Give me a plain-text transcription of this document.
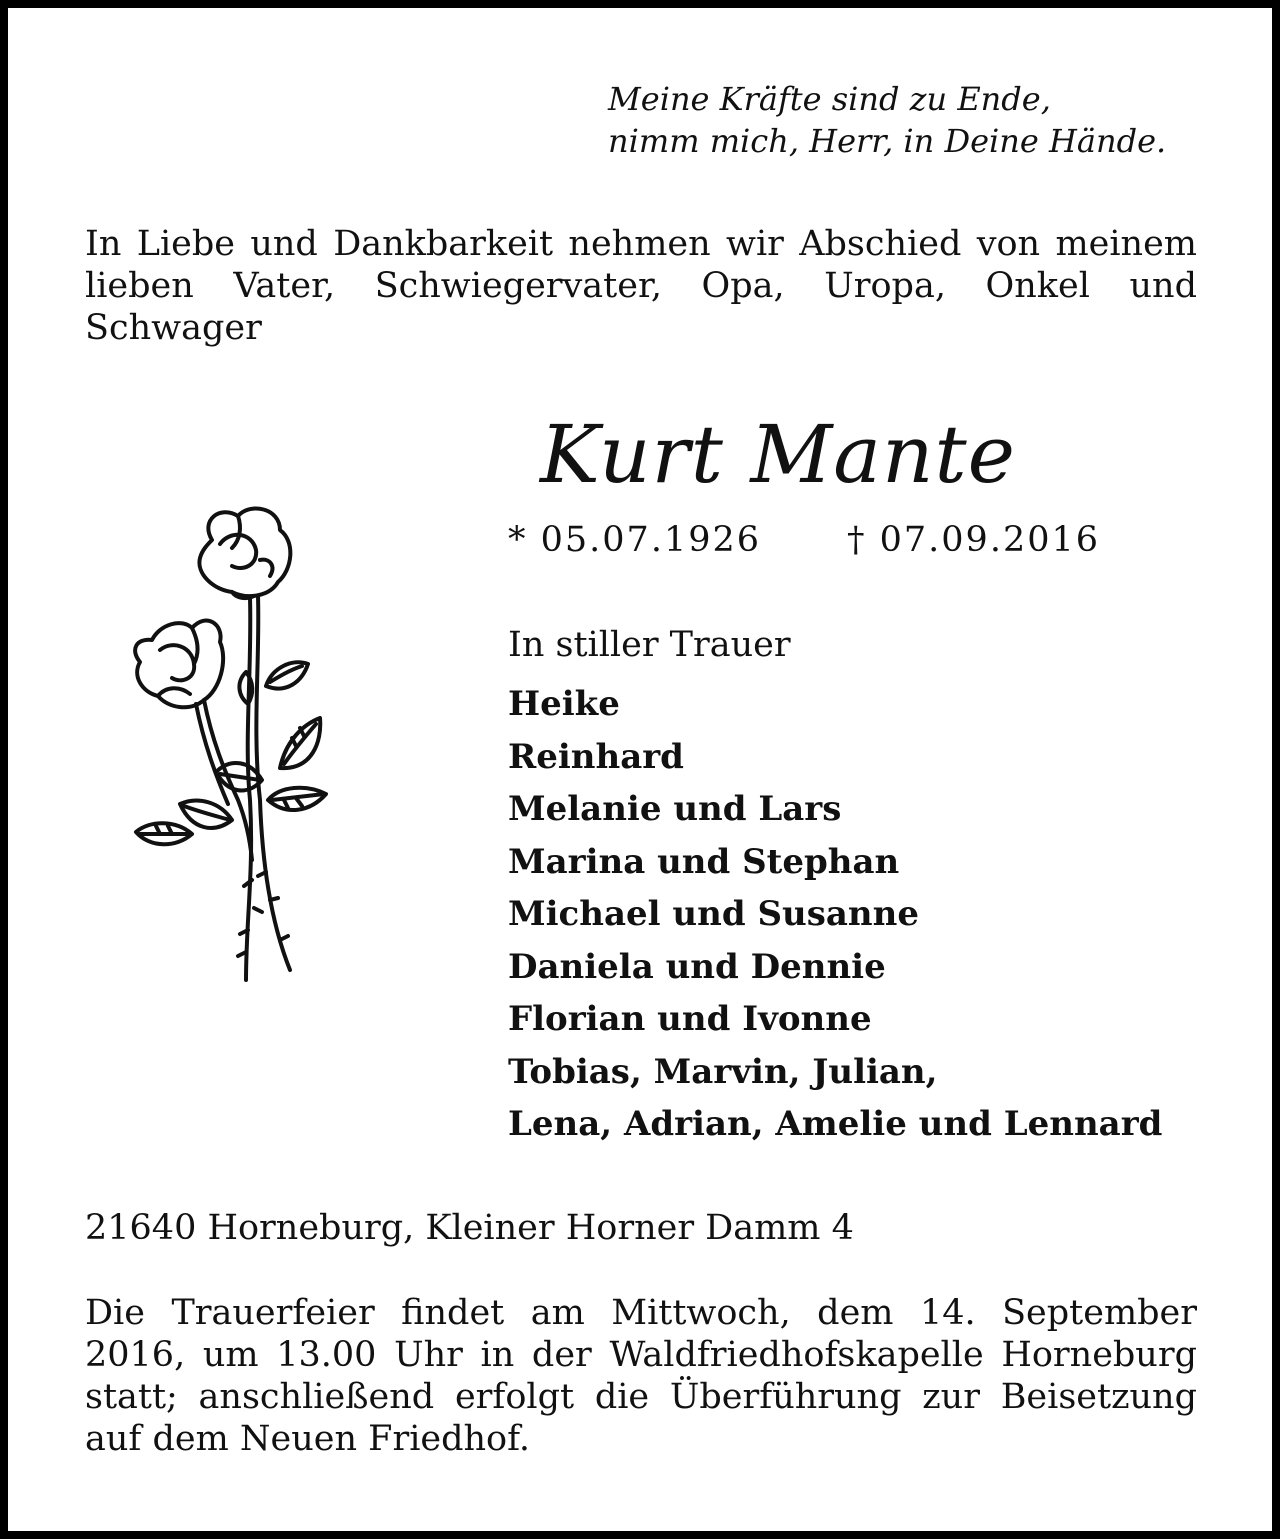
Meine Kräfte sind zu Ende,
nimm mich, Herr, in Deine Hände.
In Liebe und Dankbarkeit nehmen wir Abschied von meinem lieben Vater, Schwiegervater, Opa, Uropa, Onkel und Schwager
Kurt Mante
* 05.07.1926 † 07.09.2016
In stiller Trauer
Heike
Reinhard
Melanie und Lars
Marina und Stephan
Michael und Susanne
Daniela und Dennie
Florian und Ivonne
Tobias, Marvin, Julian,
Lena, Adrian, Amelie und Lennard
21640 Horneburg, Kleiner Horner Damm 4
Die Trauerfeier findet am Mittwoch, dem 14. September 2016, um 13.00 Uhr in der Waldfriedhofskapelle Horneburg statt; anschließend erfolgt die Überführung zur Beisetzung auf dem Neuen Friedhof.
